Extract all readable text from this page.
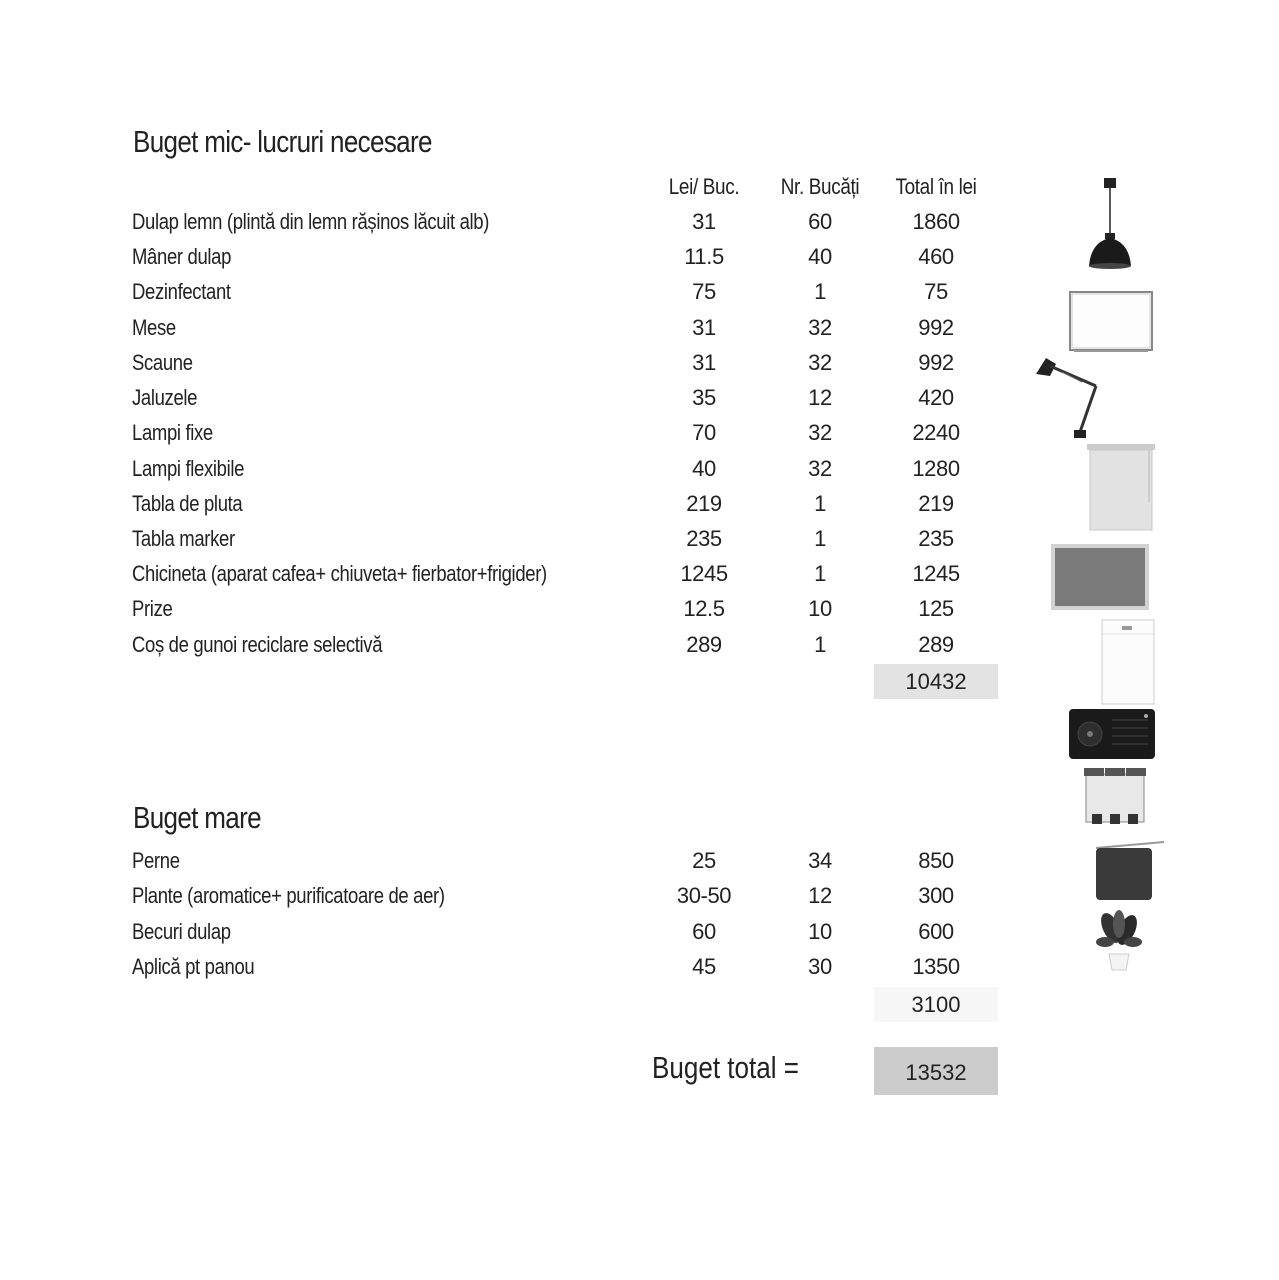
Buget mic- lucruri necesare
Lei/ Buc.	Nr. Bucăți	Total în lei
Dulap lemn (plintă din lemn rășinos lăcuit alb)	31	60	1860
Mâner dulap	11.5	40	460
Dezinfectant	75	1	75
Mese	31	32	992
Scaune	31	32	992
Jaluzele	35	12	420
Lampi fixe	70	32	2240
Lampi flexibile	40	32	1280
Tabla de pluta	219	1	219
Tabla marker	235	1	235
Chicineta (aparat cafea+ chiuveta+ fierbator+frigider)	1245	1	1245
Prize	12.5	10	125
Coș de gunoi reciclare selectivă	289	1	289
10432
Buget mare
Perne	25	34	850
Plante (aromatice+ purificatoare de aer)	30-50	12	300
Becuri dulap	60	10	600
Aplică pt panou	45	30	1350
3100
Buget total =	13532
